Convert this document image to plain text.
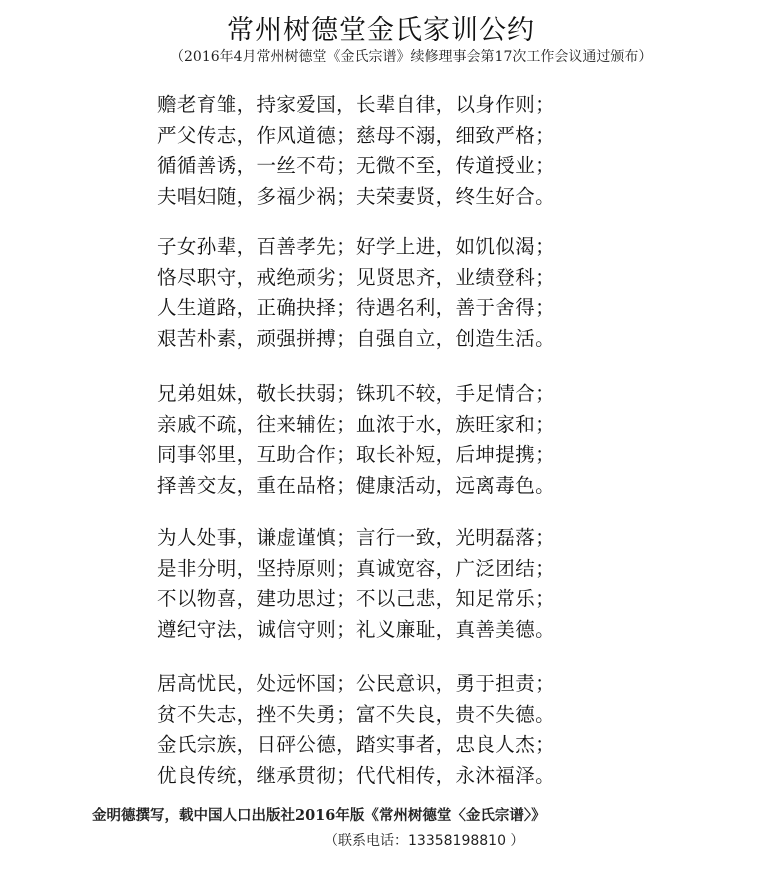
常州树德堂金氏家训公约
（2016年4月常州树德堂《金氏宗谱》续修理事会第17次工作会议通过颁布）
赡老育雏，持家爱国，长辈自律，以身作则；
严父传志，作风道德；慈母不溺，细致严格；
循循善诱，一丝不苟；无微不至，传道授业；
夫唱妇随，多福少祸；夫荣妻贤，终生好合。
子女孙辈，百善孝先；好学上进，如饥似渴；
恪尽职守，戒绝顽劣；见贤思齐，业绩登科；
人生道路，正确抉择；待遇名利，善于舍得；
艰苦朴素，顽强拼搏；自强自立，创造生活。
兄弟姐妹，敬长扶弱；铢玑不较，手足情合；
亲戚不疏，往来辅佐；血浓于水，族旺家和；
同事邻里，互助合作；取长补短，后坤提携；
择善交友，重在品格；健康活动，远离毒色。
为人处事，谦虚谨慎；言行一致，光明磊落；
是非分明，坚持原则；真诚宽容，广泛团结；
不以物喜，建功思过；不以己悲，知足常乐；
遵纪守法，诚信守则；礼义廉耻，真善美德。
居高忧民，处远怀国；公民意识，勇于担责；
贫不失志，挫不失勇；富不失良，贵不失德。
金氏宗族，日砰公德，踏实事者，忠良人杰；
优良传统，继承贯彻；代代相传，永沐福泽。
金明德撰写，载中国人口出版社2016年版《常州树德堂〈金氏宗谱〉》
（联系电话：13358198810 ）
